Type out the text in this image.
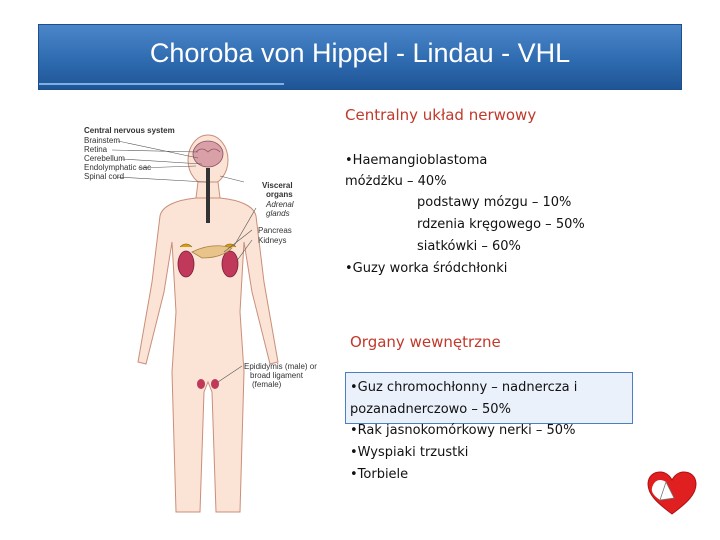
Choroba von Hippel - Lindau - VHL
Central nervous system
Brainstem
Retina
Cerebellum
Endolymphatic sac
Spinal cord
Visceral
organs
Adrenal
glands
Pancreas
Kidneys
Epididymis (male) or
broad ligament
(female)
Centralny układ nerwowy
•Haemangioblastoma
móżdżku – 40%
podstawy mózgu – 10%
rdzenia kręgowego – 50%
siatkówki – 60%
•Guzy worka śródchłonki
Organy wewnętrzne
•Guz chromochłonny – nadnercza i
pozanadnerczowo – 50%
•Rak jasnokomórkowy nerki – 50%
•Wyspiaki trzustki
•Torbiele
